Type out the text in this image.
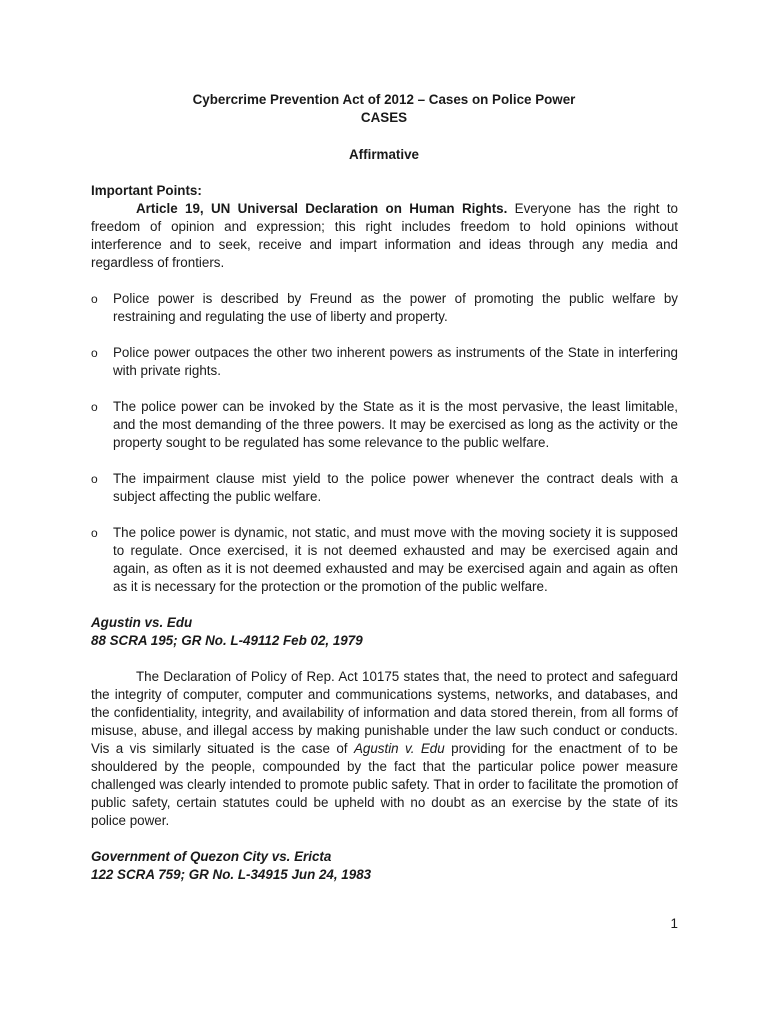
Cybercrime Prevention Act of 2012 – Cases on Police Power
CASES
Affirmative

Important Points:

Article 19, UN Universal Declaration on Human Rights. Everyone has the right to freedom of opinion and expression; this right includes freedom to hold opinions without interference and to seek, receive and impart information and ideas through any media and regardless of frontiers.

o Police power is described by Freund as the power of promoting the public welfare by restraining and regulating the use of liberty and property.
o Police power outpaces the other two inherent powers as instruments of the State in interfering with private rights.
o The police power can be invoked by the State as it is the most pervasive, the least limitable, and the most demanding of the three powers. It may be exercised as long as the activity or the property sought to be regulated has some relevance to the public welfare.
o The impairment clause mist yield to the police power whenever the contract deals with a subject affecting the public welfare.
o The police power is dynamic, not static, and must move with the moving society it is supposed to regulate. Once exercised, it is not deemed exhausted and may be exercised again and again, as often as it is not deemed exhausted and may be exercised again and again as often as it is necessary for the protection or the promotion of the public welfare.

Agustin vs. Edu

88 SCRA 195; GR No. L-49112 Feb 02, 1979

The Declaration of Policy of Rep. Act 10175 states that, the need to protect and safeguard the integrity of computer, computer and communications systems, networks, and databases, and the confidentiality, integrity, and availability of information and data stored therein, from all forms of misuse, abuse, and illegal access by making punishable under the law such conduct or conducts. Vis a vis similarly situated is the case of Agustin v. Edu providing for the enactment of to be shouldered by the people, compounded by the fact that the particular police power measure challenged was clearly intended to promote public safety. That in order to facilitate the promotion of public safety, certain statutes could be upheld with no doubt as an exercise by the state of its police power.

Government of Quezon City vs. Ericta

122 SCRA 759; GR No. L-34915 Jun 24, 1983

1
